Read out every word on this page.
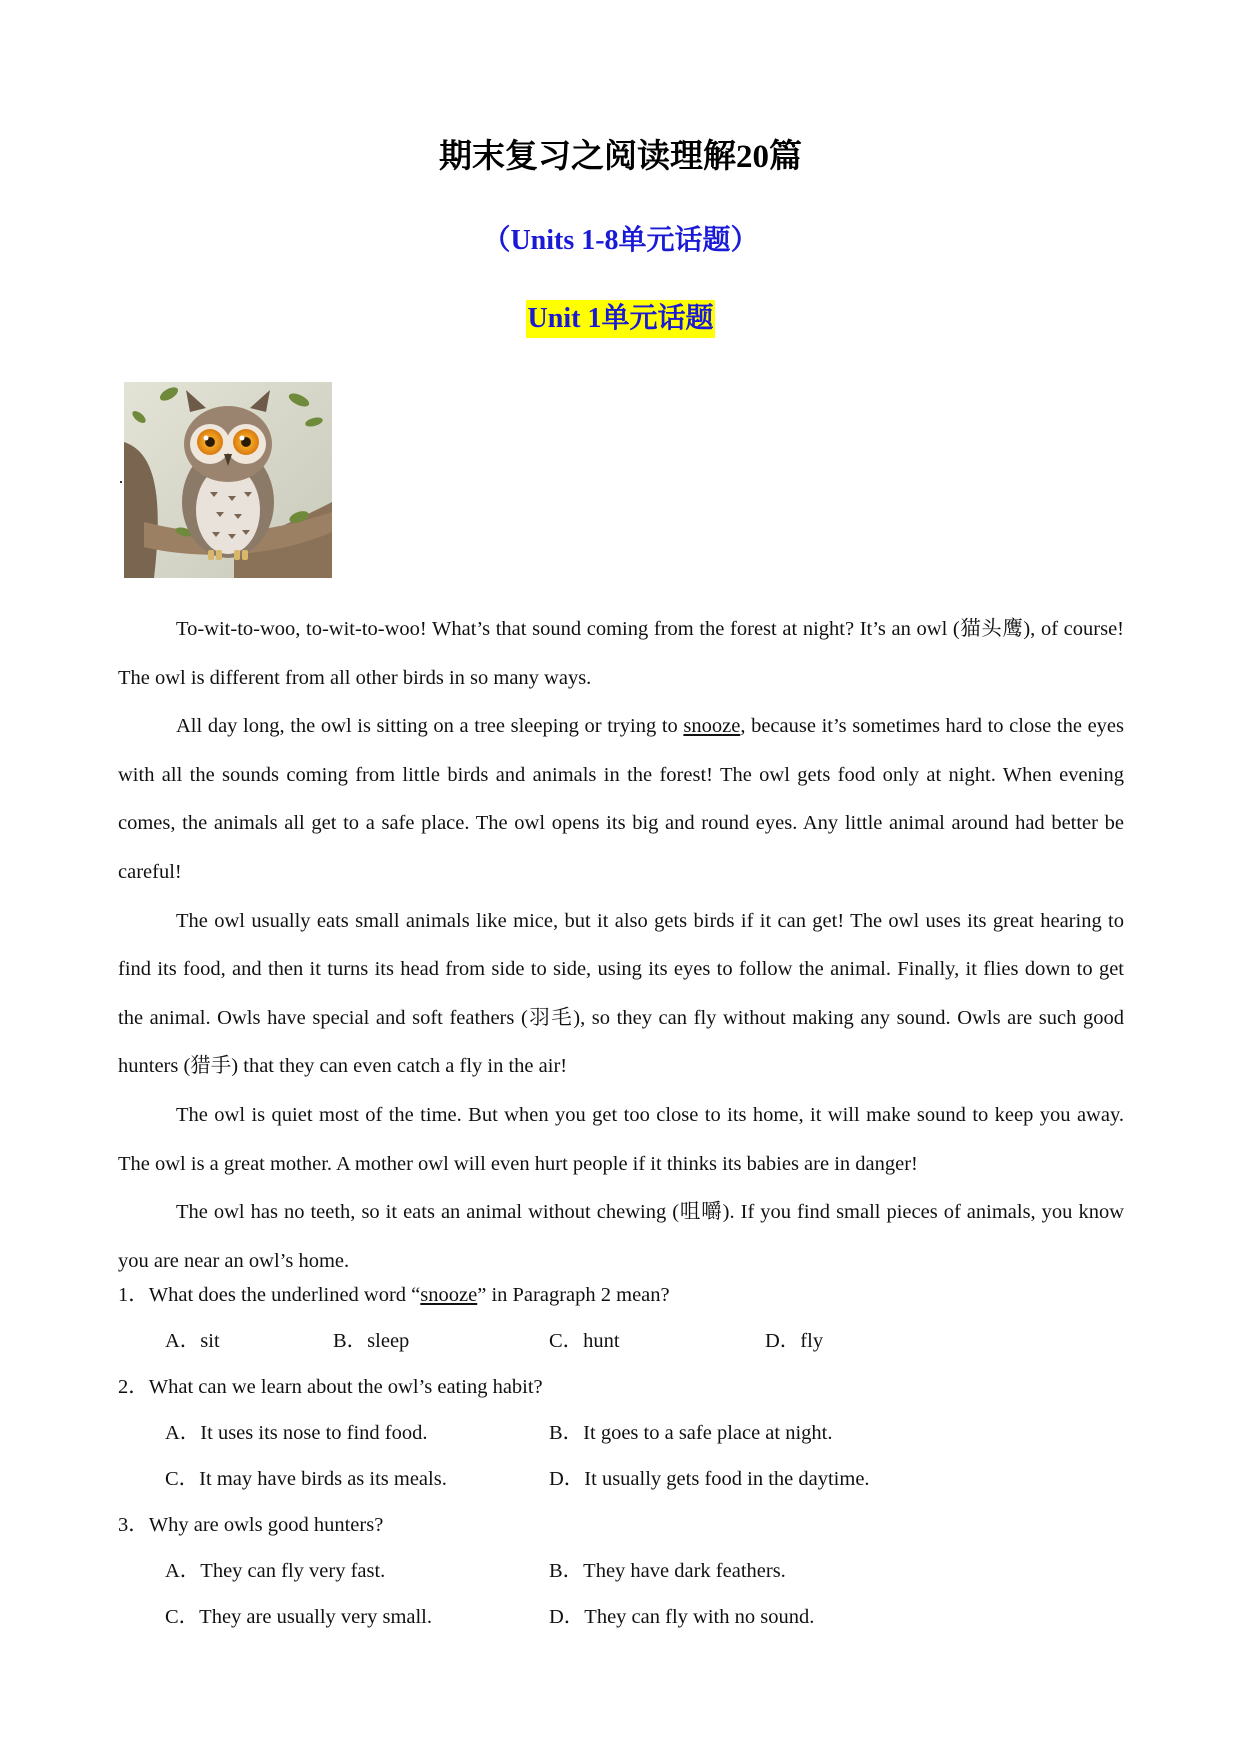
期末复习之阅读理解20篇
（Units 1-8单元话题）
Unit 1单元话题
·

To-wit-to-woo, to-wit-to-woo! What’s that sound coming from the forest at night? It’s an owl (猫头鹰), of course! The owl is different from all other birds in so many ways.

All day long, the owl is sitting on a tree sleeping or trying to snooze, because it’s sometimes hard to close the eyes with all the sounds coming from little birds and animals in the forest! The owl gets food only at night. When evening comes, the animals all get to a safe place. The owl opens its big and round eyes. Any little animal around had better be careful!

The owl usually eats small animals like mice, but it also gets birds if it can get! The owl uses its great hearing to find its food, and then it turns its head from side to side, using its eyes to follow the animal. Finally, it flies down to get the animal. Owls have special and soft feathers (羽毛), so they can fly without making any sound. Owls are such good hunters (猎手) that they can even catch a fly in the air!

The owl is quiet most of the time. But when you get too close to its home, it will make sound to keep you away. The owl is a great mother. A mother owl will even hurt people if it thinks its babies are in danger!

The owl has no teeth, so it eats an animal without chewing (咀嚼). If you find small pieces of animals, you know you are near an owl’s home.

1．What does the underlined word “snooze” in Paragraph 2 mean?
A．sit	B．sleep	C．hunt	D．fly
2．What can we learn about the owl’s eating habit?
A．It uses its nose to find food.	B．It goes to a safe place at night.
C．It may have birds as its meals.	D．It usually gets food in the daytime.
3．Why are owls good hunters?
A．They can fly very fast.	B．They have dark feathers.
C．They are usually very small.	D．They can fly with no sound.
